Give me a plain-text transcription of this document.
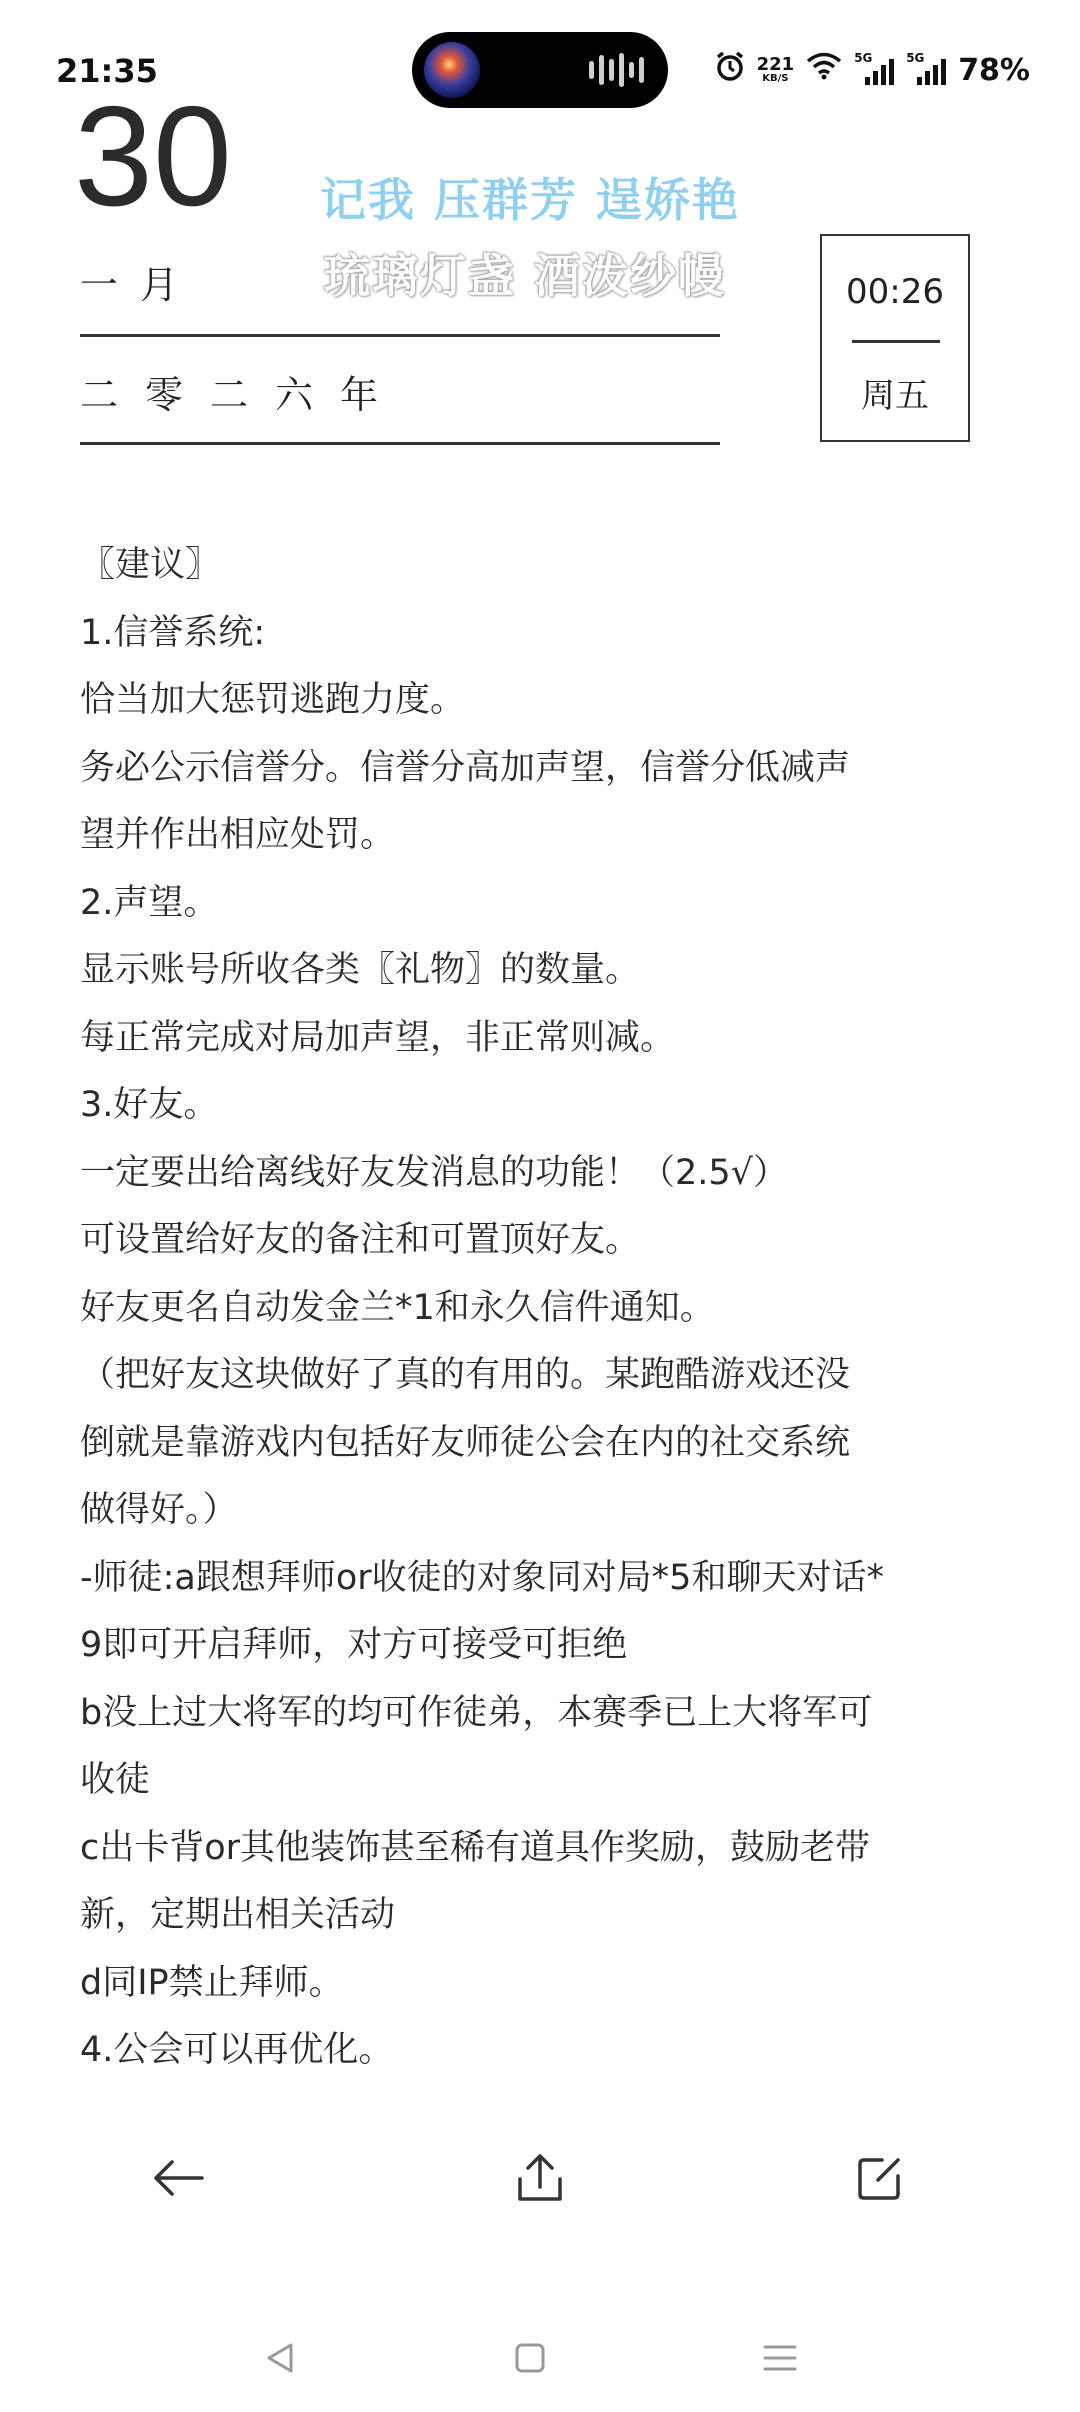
21:35	221
KB/S
5G	5G 78%
30
一月
二零二六年
记我 压群芳 逞娇艳
琉璃灯盏 酒泼纱幔	00:26
周五
〖建议〗
1.信誉系统:
恰当加大惩罚逃跑力度。
务必公示信誉分。信誉分高加声望，信誉分低减声
望并作出相应处罚。
2.声望。
显示账号所收各类〖礼物〗的数量。
每正常完成对局加声望，非正常则减。
3.好友。
一定要出给离线好友发消息的功能！（2.5√）
可设置给好友的备注和可置顶好友。
好友更名自动发金兰*1和永久信件通知。
（把好友这块做好了真的有用的。某跑酷游戏还没
倒就是靠游戏内包括好友师徒公会在内的社交系统
做得好。）
-师徒:a跟想拜师or收徒的对象同对局*5和聊天对话*
9即可开启拜师，对方可接受可拒绝
b没上过大将军的均可作徒弟，本赛季已上大将军可
收徒
c出卡背or其他装饰甚至稀有道具作奖励，鼓励老带
新，定期出相关活动
d同IP禁止拜师。
4.公会可以再优化。
